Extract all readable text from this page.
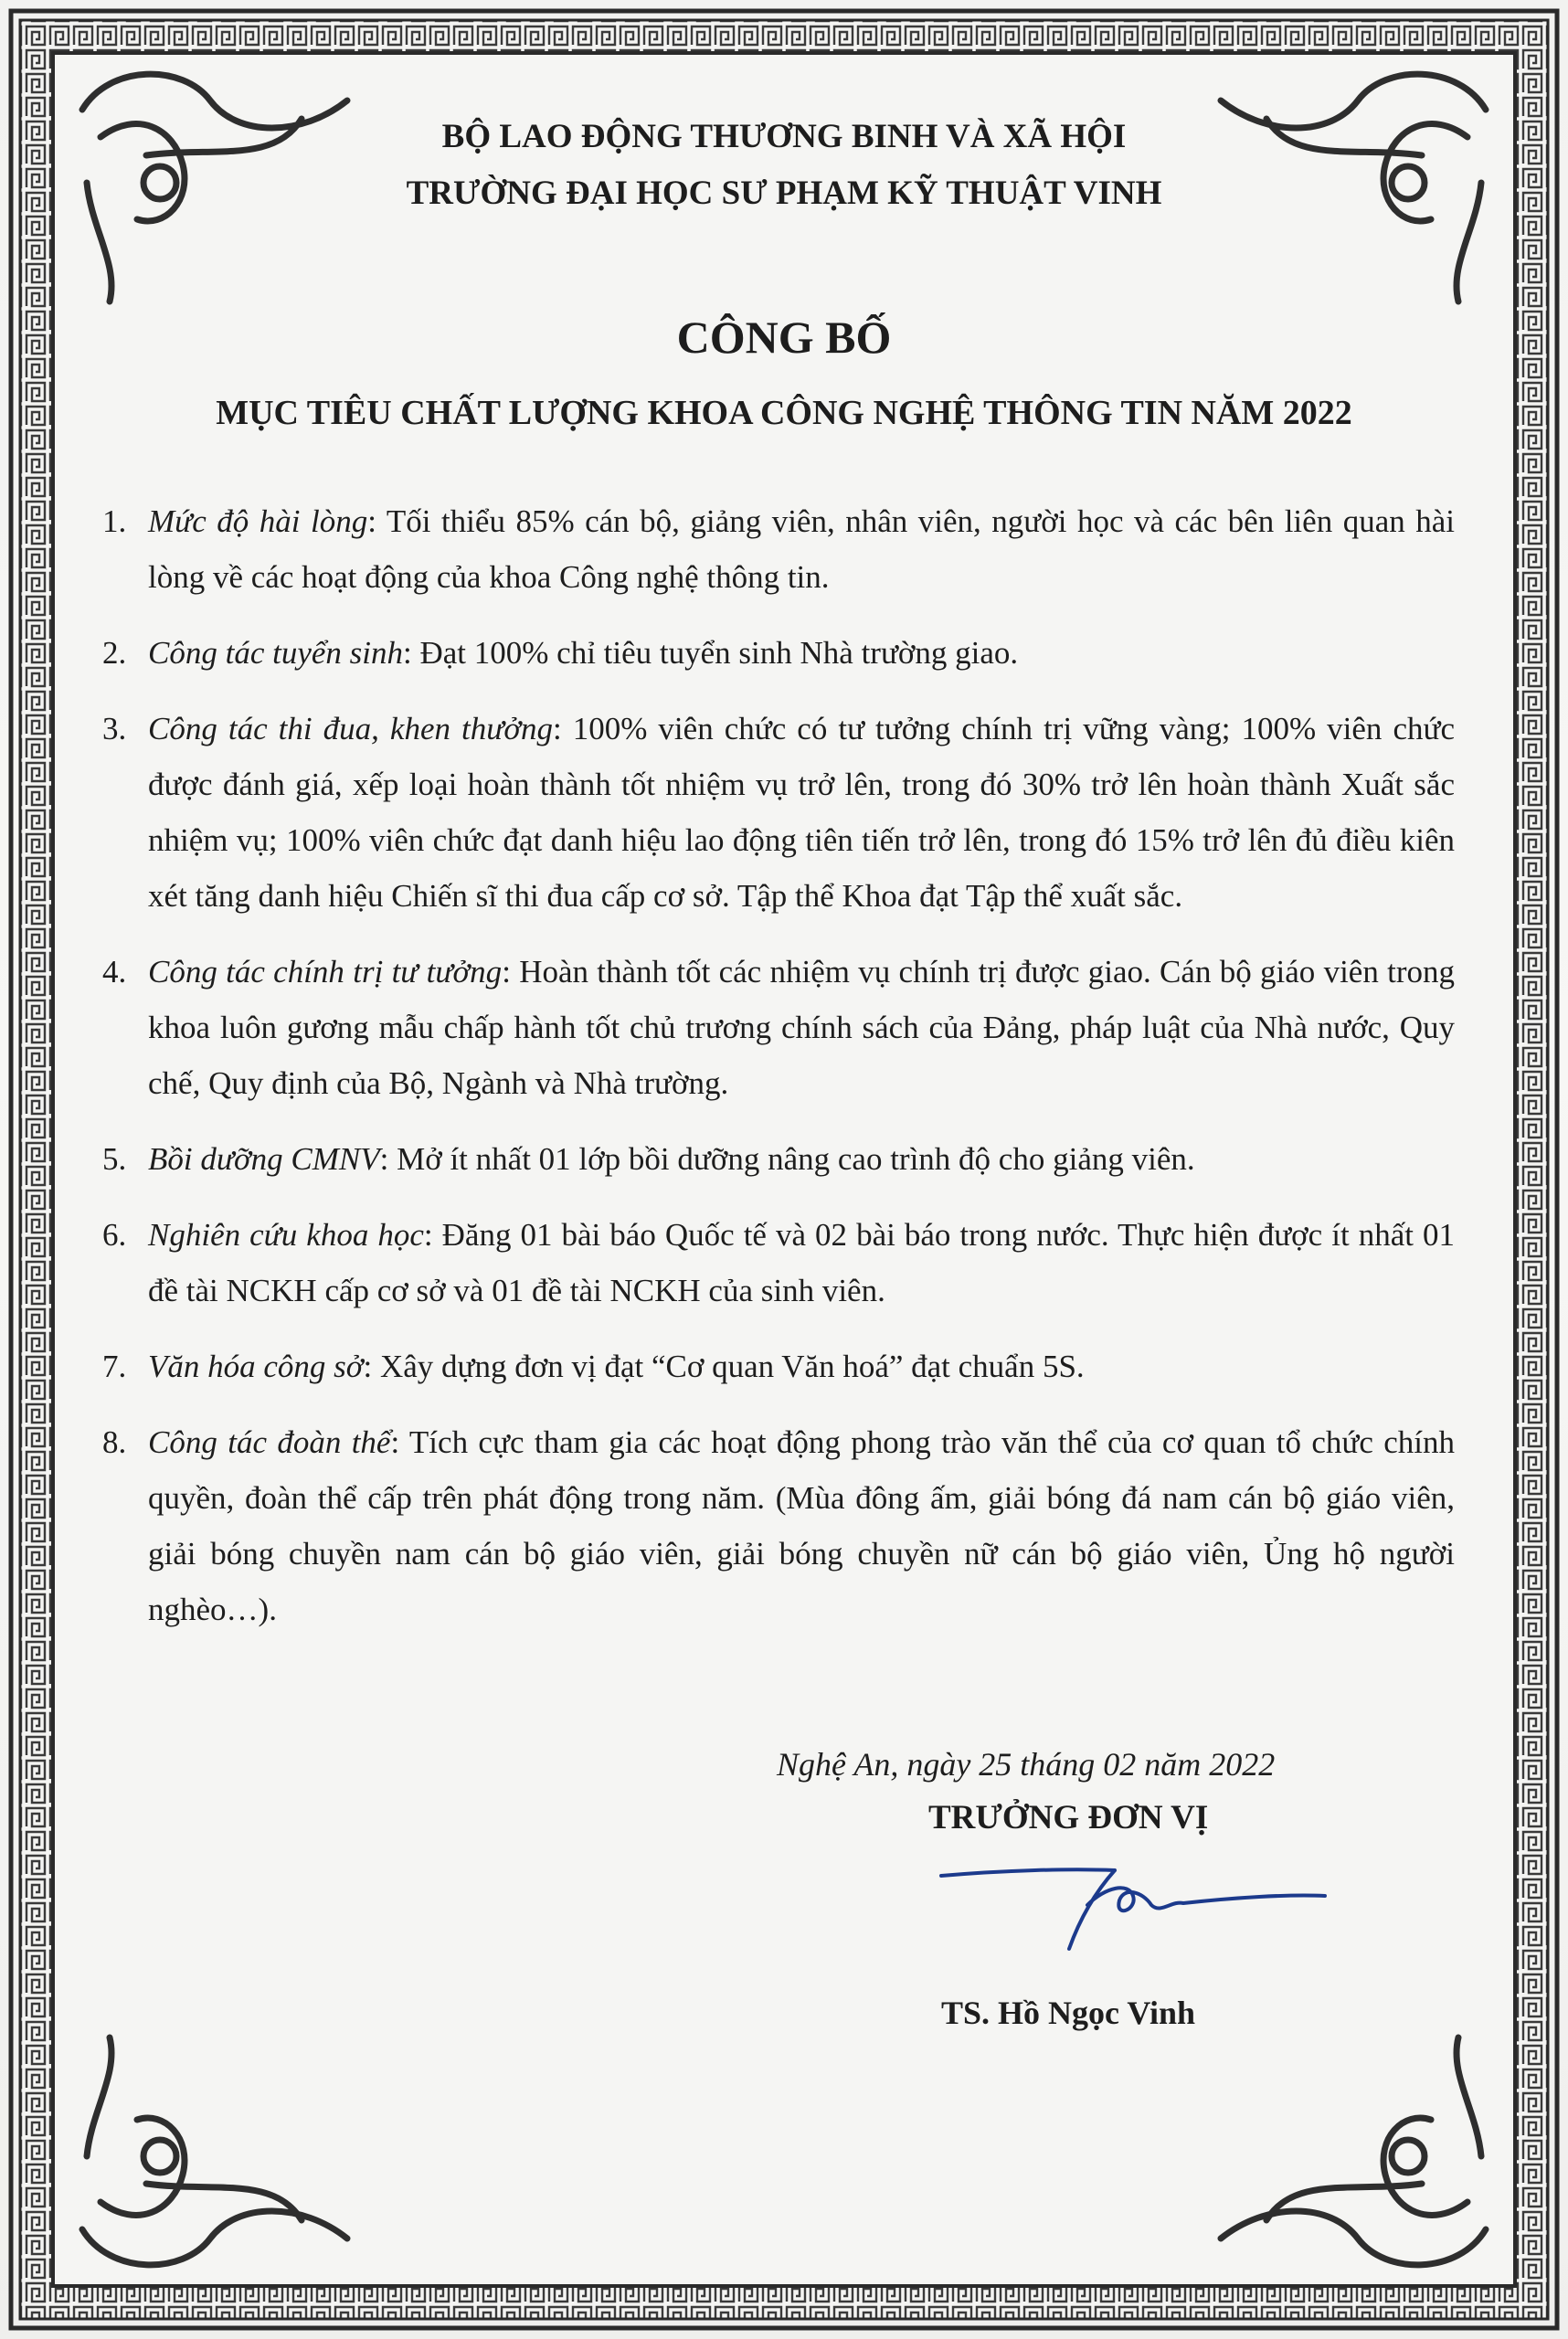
BỘ LAO ĐỘNG THƯƠNG BINH VÀ XÃ HỘI
TRƯỜNG ĐẠI HỌC SƯ PHẠM KỸ THUẬT VINH
CÔNG BỐ
MỤC TIÊU CHẤT LƯỢNG KHOA CÔNG NGHỆ THÔNG TIN NĂM 2022
1. Mức độ hài lòng: Tối thiểu 85% cán bộ, giảng viên, nhân viên, người học và các bên liên quan hài lòng về các hoạt động của khoa Công nghệ thông tin.
2. Công tác tuyển sinh: Đạt 100% chỉ tiêu tuyển sinh Nhà trường giao.
3. Công tác thi đua, khen thưởng: 100% viên chức có tư tưởng chính trị vững vàng; 100% viên chức được đánh giá, xếp loại hoàn thành tốt nhiệm vụ trở lên, trong đó 30% trở lên hoàn thành Xuất sắc nhiệm vụ; 100% viên chức đạt danh hiệu lao động tiên tiến trở lên, trong đó 15% trở lên đủ điều kiên xét tăng danh hiệu Chiến sĩ thi đua cấp cơ sở. Tập thể Khoa đạt Tập thể xuất sắc.
4. Công tác chính trị tư tưởng: Hoàn thành tốt các nhiệm vụ chính trị được giao. Cán bộ giáo viên trong khoa luôn gương mẫu chấp hành tốt chủ trương chính sách của Đảng, pháp luật của Nhà nước, Quy chế, Quy định của Bộ, Ngành và Nhà trường.
5. Bồi dưỡng CMNV: Mở ít nhất 01 lớp bồi dưỡng nâng cao trình độ cho giảng viên.
6. Nghiên cứu khoa học: Đăng 01 bài báo Quốc tế và 02 bài báo trong nước. Thực hiện được ít nhất 01 đề tài NCKH cấp cơ sở và 01 đề tài NCKH của sinh viên.
7. Văn hóa công sở: Xây dựng đơn vị đạt “Cơ quan Văn hoá” đạt chuẩn 5S.
8. Công tác đoàn thể: Tích cực tham gia các hoạt động phong trào văn thể của cơ quan tổ chức chính quyền, đoàn thể cấp trên phát động trong năm. (Mùa đông ấm, giải bóng đá nam cán bộ giáo viên, giải bóng chuyền nam cán bộ giáo viên, giải bóng chuyền nữ cán bộ giáo viên, Ủng hộ người nghèo…).
Nghệ An, ngày 25 tháng 02 năm 2022
TRƯỞNG ĐƠN VỊ
TS. Hồ Ngọc Vinh
